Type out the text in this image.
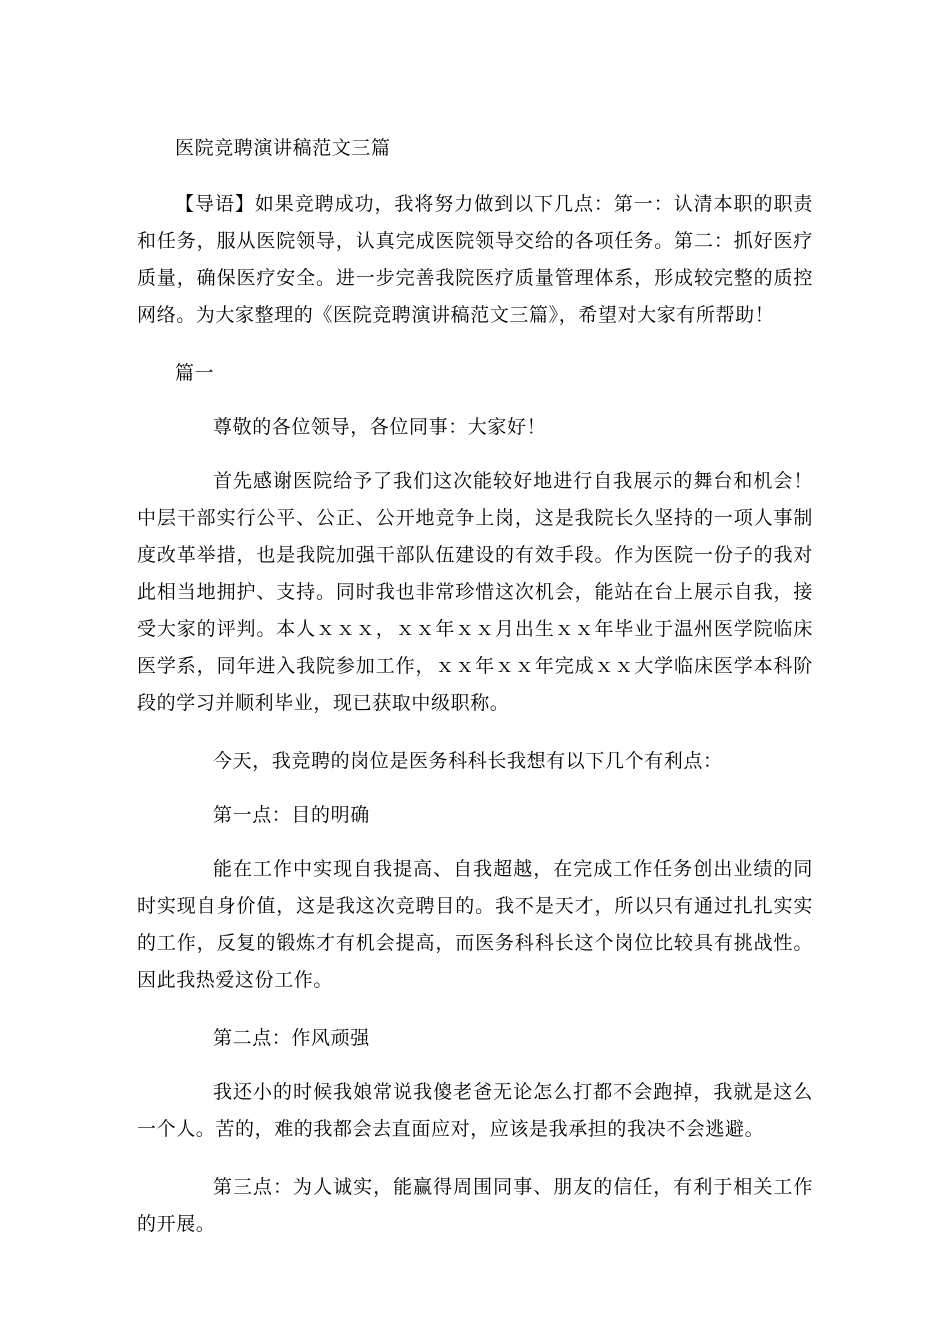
医院竞聘演讲稿范文三篇

【导语】如果竞聘成功，我将努力做到以下几点：第一：认清本职的职责和任务，服从医院领导，认真完成医院领导交给的各项任务。第二：抓好医疗质量，确保医疗安全。进一步完善我院医疗质量管理体系，形成较完整的质控网络。为大家整理的《医院竞聘演讲稿范文三篇》，希望对大家有所帮助！

篇一

尊敬的各位领导，各位同事：大家好！

首先感谢医院给予了我们这次能较好地进行自我展示的舞台和机会！中层干部实行公平、公正、公开地竞争上岗，这是我院长久坚持的一项人事制度改革举措，也是我院加强干部队伍建设的有效手段。作为医院一份子的我对此相当地拥护、支持。同时我也非常珍惜这次机会，能站在台上展示自我，接受大家的评判。本人ｘｘｘ，ｘｘ年ｘｘ月出生ｘｘ年毕业于温州医学院临床医学系，同年进入我院参加工作，ｘｘ年ｘｘ年完成ｘｘ大学临床医学本科阶段的学习并顺利毕业，现已获取中级职称。

今天，我竞聘的岗位是医务科科长我想有以下几个有利点：

第一点：目的明确

能在工作中实现自我提高、自我超越，在完成工作任务创出业绩的同时实现自身价值，这是我这次竞聘目的。我不是天才，所以只有通过扎扎实实的工作，反复的锻炼才有机会提高，而医务科科长这个岗位比较具有挑战性。因此我热爱这份工作。

第二点：作风顽强

我还小的时候我娘常说我傻老爸无论怎么打都不会跑掉，我就是这么一个人。苦的，难的我都会去直面应对，应该是我承担的我决不会逃避。

第三点：为人诚实，能赢得周围同事、朋友的信任，有利于相关工作的开展。
